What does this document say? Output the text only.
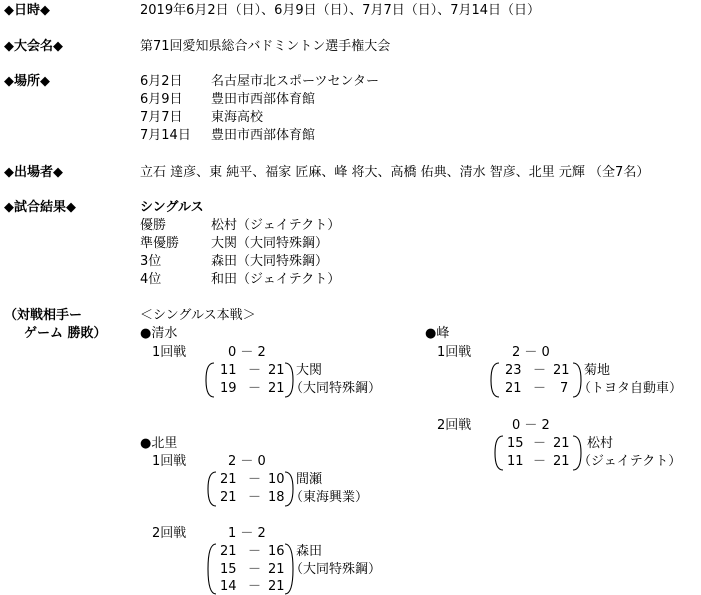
◆日時◆	2019年6月2日（日）、6月9日（日）、7月7日（日）、7月14日（日）
◆大会名◆	第71回愛知県総合バドミントン選手権大会
◆場所◆	6月2日 名古屋市北スポーツセンター
6月9日 豊田市西部体育館
7月7日 東海高校
7月14日 豊田市西部体育館
◆出場者◆	立石 達彦、東 純平、福家 匠麻、峰 将大、高橋 佑典、清水 智彦、北里 元輝 （全7名）
◆試合結果◆	シングルス
優勝	松村（ジェイテクト）
準優勝 大関（大同特殊鋼）
3位	森田（大同特殊鋼）
4位	和田（ジェイテクト）
（対戦相手ー
ゲーム 勝敗）
＜シングルス本戦＞
●清水
1回戦	0 － 2
11 － 21
19 － 21
大関
（大同特殊鋼）
●峰
1回戦	2 － 0
23 － 21
21 － 7
菊地
（トヨタ自動車）
2回戦	0 － 2
15 － 21
11 － 21
松村
（ジェイテクト）
●北里
1回戦	2 － 0
21 － 10
21 － 18
間瀬
（東海興業）
2回戦	1 － 2
21 － 16
15 － 21
14 － 21
森田
（大同特殊鋼）
